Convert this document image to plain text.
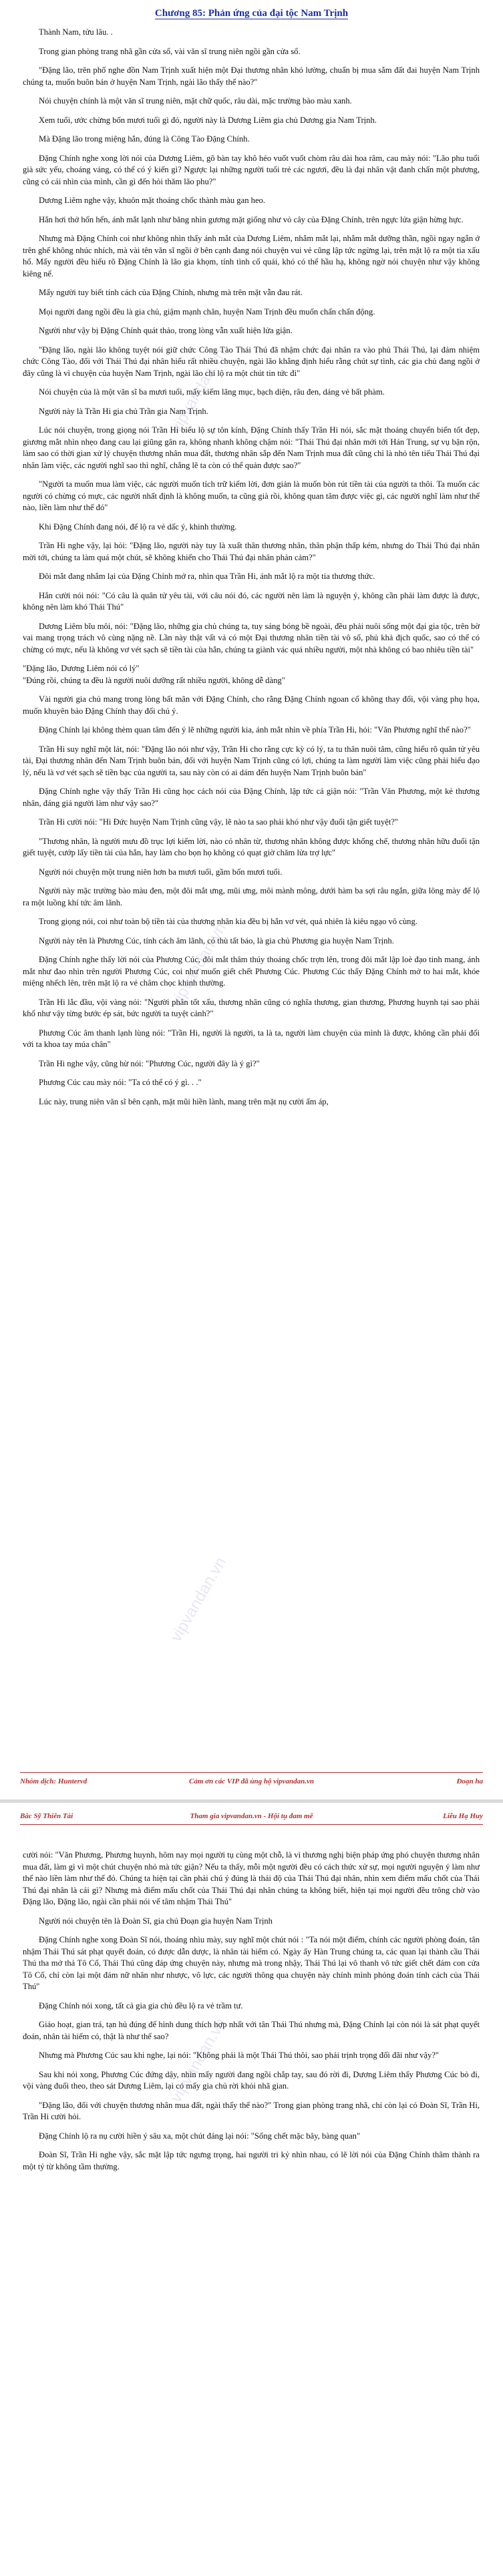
Chương 85: Phản ứng của đại tộc Nam Trịnh

Thành Nam, tửu lâu. .

Trong gian phòng trang nhã gần cửa sổ, vài văn sĩ trung niên ngồi gần cửa sổ.

"Đặng lão, trên phố nghe đồn Nam Trịnh xuất hiện một Đại thương nhân khó lường, chuẩn bị mua sắm đất đai huyện Nam Trịnh chúng ta, muốn buôn bán ở huyện Nam Trịnh, ngài lão thấy thế nào?"

Nói chuyện chính là một văn sĩ trung niên, mặt chữ quốc, râu dài, mặc trường bào màu xanh.

Xem tuổi, ước chừng bốn mươi tuổi gì đó, người này là Dương Liêm gia chủ Dương gia Nam Trịnh.

Mà Đặng lão trong miệng hắn, đúng là Công Tào Đặng Chính.

Đặng Chính nghe xong lời nói của Dương Liêm, gõ bàn tay khô héo vuốt vuốt chòm râu dài hoa râm, cau mày nói: "Lão phu tuổi già sức yếu, choáng váng, có thể có ý kiến gì? Ngược lại những người tuổi trẻ các ngươi, đều là đại nhân vật đanh chấn một phương, cũng có cái nhìn của mình, cần gì đến hỏi thăm lão phu?"

Dương Liêm nghe vậy, khuôn mặt thoáng chốc thành màu gan heo.

Hắn hơi thở hổn hển, ánh mắt lạnh như băng nhìn gương mặt giống như vỏ cây của Đặng Chính, trên ngực lửa giận hừng hực.

Nhưng mà Đặng Chính coi như không nhìn thấy ánh mắt của Dương Liêm, nhắm mắt lại, nhắm mắt dưỡng thần, ngồi ngay ngắn ở trên ghế không nhúc nhích, mà vài tên văn sĩ ngồi ở bên cạnh đang nói chuyện vui vẻ cũng lập tức ngừng lại, trên mặt lộ ra một tia xấu hổ. Mấy người đều hiểu rõ Đặng Chính là lão gia khọm, tính tình cổ quái, khó có thể hầu hạ, không ngờ nói chuyện như vậy không kiêng nể.

Mấy người tuy biết tính cách của Đặng Chính, nhưng mà trên mặt vẫn đau rát.

Mọi người đang ngồi đều là gia chủ, giậm mạnh chân, huyện Nam Trịnh đều muốn chấn chấn động.

Người như vậy bị Đặng Chính quát thảo, trong lòng vẫn xuất hiện lửa giận.

"Đặng lão, ngài lão không tuyệt nói giữ chức Công Tào Thái Thú đã nhậm chức đại nhân ra vào phủ Thái Thú, lại đảm nhiệm chức Công Tào, đối với Thái Thú đại nhân hiểu rất nhiều chuyện, ngài lão khẳng định hiểu rằng chút sự tình, các gia chủ đang ngồi ở đây cũng là vì chuyện của huyện Nam Trịnh, ngài lão chỉ lộ ra một chút tin tức đi"

Nói chuyện của là một văn sĩ ba mươi tuổi, mấy kiếm lãng mục, bạch diện, râu đen, dáng vẻ bất phàm.

Người này là Trần Hi gia chủ Trần gia Nam Trịnh.

Lúc nói chuyện, trong giọng nói Trần Hi biểu lộ sự tôn kính, Đặng Chính thấy Trần Hi nói, sắc mặt thoáng chuyển biến tốt đẹp, giương mắt nhìn nhẹo đang cau lại giũng gân ra, không nhanh không chậm nói: "Thái Thú đại nhân mới tới Hán Trung, sự vụ bận rộn, làm sao có thời gian xử lý chuyện thương nhân mua đất, thương nhân sắp đến Nam Trịnh mua đất cũng chỉ là nhỏ tên tiểu Thái Thú đại nhân làm việc, các người nghĩ sao thì nghĩ, chẳng lẽ ta còn có thể quản được sao?"

"Người ta muốn mua làm việc, các người muốn tích trữ kiếm lời, đơn giản là muốn bòn rút tiền tài của người ta thôi. Ta muốn các người có chừng có mực, các người nhất định là không muốn, ta cũng già rồi, không quan tâm được việc gì, các người nghĩ làm như thế nào, liền làm như thế đó"

Khi Đặng Chính đang nói, để lộ ra vẻ dấc ý, khinh thường.

Trần Hi nghe vậy, lại hỏi: "Đặng lão, người này tuy là xuất thân thương nhân, thân phận thấp kém, nhưng do Thái Thú đại nhân mời tới, chúng ta làm quá một chút, sẽ không khiến cho Thái Thú đại nhân phản cảm?"

Đôi mắt đang nhắm lại của Đặng Chính mở ra, nhìn qua Trần Hi, ánh mắt lộ ra một tia thương thức.

Hắn cười nói nói: "Có câu là quân tử yêu tài, với câu nói đó, các người nên làm là nguyện ý, không cần phải làm được là được, không nên làm khó Thái Thú"

Dương Liêm bĩu môi, nói: "Đặng lão, những gia chủ chúng ta, tuy sáng bóng bề ngoài, đều phải nuôi sống một đại gia tộc, trên bờ vai mang trọng trách vô cùng nặng nề. Lần này thật vất vả có một Đại thương nhân tiền tài vô số, phủ khả địch quốc, sao có thể có chừng có mực, nếu là không vơ vét sạch sẽ tiền tài của hắn, chúng ta giành vác quá nhiều người, một nhà không có bao nhiêu tiền tài"

"Đặng lão, Dương Liêm nói có lý"
"Đúng rồi, chúng ta đều là người nuôi dưỡng rất nhiều người, không dễ dàng"

Vài người gia chủ mang trong lòng bất mãn với Đặng Chính, cho rằng Đặng Chính ngoan cố không thay đổi, vội vàng phụ họa, muốn khuyên bảo Đặng Chính thay đổi chủ ý.

Đặng Chính lại không thèm quan tâm đến ý lẽ những người kia, ánh mắt nhìn về phía Trần Hi, hỏi: "Văn Phương nghĩ thế nào?"

Trần Hi suy nghĩ một lát, nói: "Đặng lão nói như vậy, Trần Hi cho rằng cực kỳ có lý, ta tu thân nuôi tâm, cũng hiểu rõ quân tử yêu tài, Đại thương nhân đến Nam Trịnh buôn bán, đối với huyện Nam Trịnh cũng có lợi, chúng ta làm người làm việc cũng phải hiểu đạo lý, nếu là vơ vét sạch sẽ tiền bạc của người ta, sau này còn có ai dám đến huyện Nam Trịnh buôn bán"

Đặng Chính nghe vậy thấy Trần Hi cũng học cách nói của Đặng Chính, lập tức cả giận nói: "Trần Văn Phương, một kẻ thương nhân, đáng giá người làm như vậy sao?"

Trần Hi cười nói: "Hi Đức huyện Nam Trịnh cũng vậy, lẽ nào ta sao phải khó như vậy đuổi tận giết tuyệt?"

"Thương nhân, là người mưu đồ trục lợi kiếm lời, nào có nhân từ, thương nhân không được khống chế, thương nhân hữu đuổi tận giết tuyệt, cướp lấy tiền tài của hắn, hay làm cho bọn họ không có quạt giờ chăm lửa trợ lực"

Người nói chuyện một trung niên hơn ba mươi tuổi, gầm bốn mươi tuổi.

Người này mặc trường bào màu đen, một đôi mắt ưng, mũi ưng, môi mành mông, dưới hàm ba sợi râu ngắn, giữa lông mày để lộ ra một luồng khí tức âm lãnh.

Trong giọng nói, coi như toàn bộ tiền tài của thương nhân kia đều bị hắn vơ vét, quả nhiên là kiêu ngạo vô cùng.

Người này tên là Phương Cúc, tính cách âm lãnh, có thù tất báo, là gia chủ Phương gia huyện Nam Trịnh.

Đặng Chính nghe thấy lời nói của Phương Cúc, đôi mắt thâm thúy thoáng chốc trợn lên, trong đôi mắt lập loè đạo tinh mang, ánh mắt như đao nhìn trên người Phương Cúc, coi như muốn giết chết Phương Cúc. Phương Cúc thấy Đặng Chính mở to hai mắt, khóe miệng nhếch lên, trên mặt lộ ra vẻ châm chọc khinh thường.

Trần Hi lắc đầu, vội vàng nói: "Người phân tốt xấu, thương nhân cũng có nghĩa thương, gian thương, Phương huynh tại sao phải khổ như vậy từng bước ép sát, bức người ta tuyệt cảnh?"

Phương Cúc âm thanh lạnh lùng nói: "Trần Hi, người là người, ta là ta, người làm chuyện của mình là được, không cần phải đối với ta khoa tay múa chân"

Trần Hi nghe vậy, cũng hừ nói: "Phương Cúc, người đây là ý gì?"

Phương Cúc cau mày nói: "Ta có thể có ý gì. . ."

Lúc này, trung niên văn sĩ bên cạnh, mặt mũi hiền lành, mang trên mặt nụ cười ấm áp,

vipvandan.vn
vipvandan.vn
vipvandan.vn
Nhóm dịch: Huntervd	Cảm ơn các VIP đã ủng hộ vipvandan.vn	Đoạn ha
Bắc Sỹ Thiên Tài	Tham gia vipvandan.vn - Hội tụ đam mê	Liễu Hạ Huy

cười nói: "Văn Phương, Phương huynh, hôm nay mọi người tụ cùng một chỗ, là vì thương nghị biện pháp ứng phó chuyện thương nhân mua đất, làm gì vì một chút chuyện nhỏ mà tức giận? Nếu ta thấy, mỗi một người đều có cách thức xử sự, mọi người nguyện ý làm như thế nào liền làm như thế đó. Chúng ta hiện tại cần phải chú ý đúng là thái độ của Thái Thú đại nhân, nhìn xem điểm mấu chốt của Thái Thú đại nhân là cái gì? Nhưng mà điểm mấu chốt của Thái Thú đại nhân chúng ta không biết, hiện tại mọi người đều trông chờ vào Đặng lão, Đặng lão, ngài cần phải nói vế tâm nhậm Thái Thú"

Người nói chuyện tên là Đoàn Sĩ, gia chủ Đoạn gia huyện Nam Trịnh

Đặng Chính nghe xong Đoàn Sĩ nói, thoáng nhìu mày, suy nghĩ một chút nói : "Ta nói một điểm, chính các người phòng đoán, tân nhậm Thái Thú sát phạt quyết đoán, có được dẫn dược, là nhân tài hiếm có. Ngày ấy Hàn Trung chúng ta, các quan lại thành cầu Thái Thú tha mở thả Tô Cố, Thái Thú cũng đáp ứng chuyện này, nhưng mà trong nhậy, Thái Thú lại vô thanh vô tức giết chết đám con cửa Tô Cố, chỉ còn lại một đám nữ nhân như nhược, vô lực, các người thông qua chuyện này chính mình phỏng đoán tính cách của Thái Thú"

Đặng Chính nói xong, tất cả gia gia chủ đều lộ ra vẻ trầm tư.

Giáo hoạt, gian trá, tạn hủ đúng để hình dung thích hợp nhất với tân Thái Thú nhưng mà, Đặng Chính lại còn nói là sát phạt quyết đoán, nhân tài hiếm có, thật là như thế sao?

Nhưng mà Phương Cúc sau khi nghe, lại nói: "Không phải là một Thái Thú thôi, sao phải trịnh trọng đối đãi như vậy?"

Sau khi nói xong, Phương Cúc đứng dậy, nhìn mấy người đang ngồi chắp tay, sau đó rời đi, Dương Liêm thấy Phương Cúc bỏ đi, vội vàng đuổi theo, theo sát Dương Liêm, lại có mấy gia chủ rời khỏi nhã gian.

"Đặng lão, đối với chuyện thương nhân mua đất, ngài thấy thế nào?" Trong gian phòng trang nhã, chỉ còn lại có Đoàn Sĩ, Trần Hi, Trần Hi cười hỏi.

Đặng Chính lộ ra nụ cười hiền ý sâu xa, một chút đáng lại nói: "Sống chết mặc bây, bàng quan"

Đoàn Sĩ, Trần Hi nghe vậy, sắc mặt lập tức ngưng trọng, hai người tri kỷ nhìn nhau, có lẽ lời nói của Đặng Chính thâm thành ra một tỷ từ không tầm thường.

vipvandan.vn
